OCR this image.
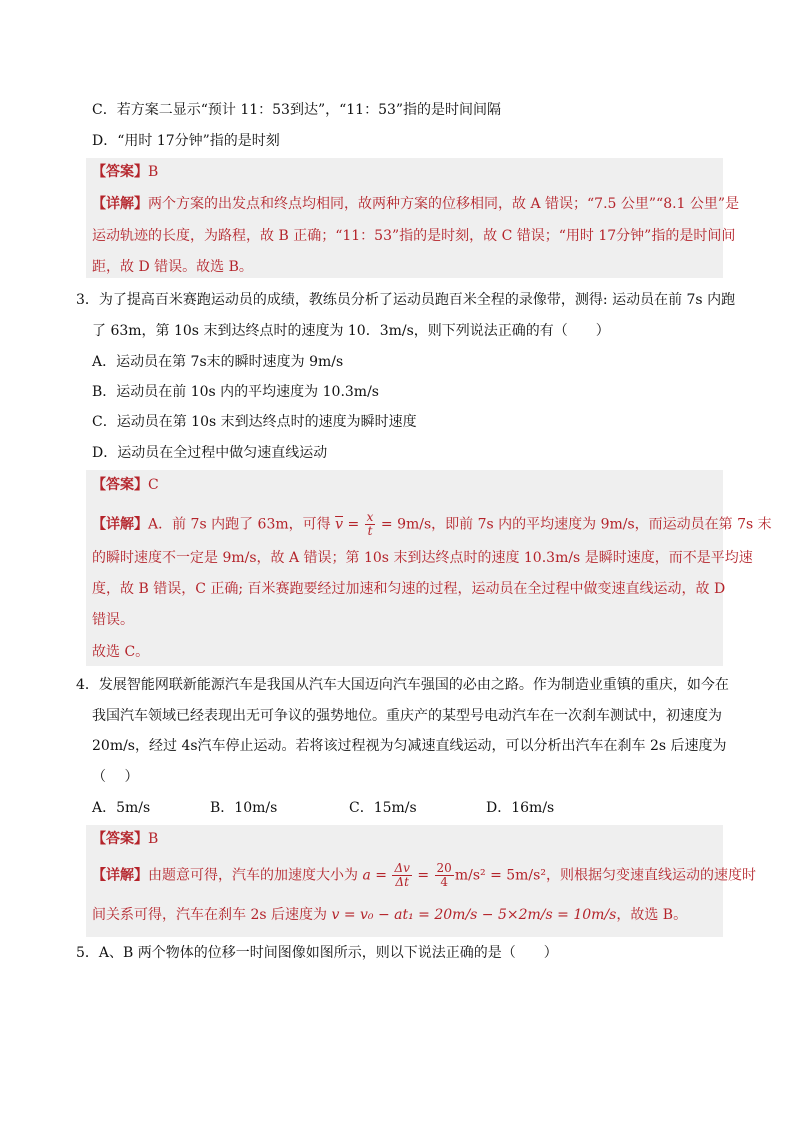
C．若方案二显示“预计 11：53到达”，“11：53”指的是时间间隔
D．“用时 17分钟”指的是时刻
【答案】B
【详解】两个方案的出发点和终点均相同，故两种方案的位移相同，故 A 错误；“7.5 公里”“8.1 公里”是
运动轨迹的长度，为路程，故 B 正确；“11：53”指的是时刻，故 C 错误；“用时 17分钟”指的是时间间
距，故 D 错误。故选 B。
3．为了提高百米赛跑运动员的成绩，教练员分析了运动员跑百米全程的录像带，测得: 运动员在前 7s 内跑
了 63m，第 10s 末到达终点时的速度为 10．3m/s，则下列说法正确的有（　　）
A．运动员在第 7s末的瞬时速度为 9m/s
B．运动员在前 10s 内的平均速度为 10.3m/s
C．运动员在第 10s 末到达终点时的速度为瞬时速度
D．运动员在全过程中做匀速直线运动
【答案】C
【详解】A．前 7s 内跑了 63m，可得 $\overline{v} = \frac{x}{t} = 9m/s$，即前 7s 内的平均速度为 9m/s，而运动员在第 7s 末
的瞬时速度不一定是 9m/s，故 A 错误；第 10s 末到达终点时的速度 10.3m/s 是瞬时速度，而不是平均速
度，故 B 错误，C 正确; 百米赛跑要经过加速和匀速的过程，运动员在全过程中做变速直线运动，故 D
错误。
故选 C。
4．发展智能网联新能源汽车是我国从汽车大国迈向汽车强国的必由之路。作为制造业重镇的重庆，如今在
我国汽车领域已经表现出无可争议的强势地位。重庆产的某型号电动汽车在一次刹车测试中，初速度为
20m/s，经过 4s汽车停止运动。若将该过程视为匀减速直线运动，可以分析出汽车在刹车 2s 后速度为
（　 ）
A．5m/s	B．10m/s	C．15m/s	D．16m/s
【答案】B
【详解】由题意可得，汽车的加速度大小为 $a = \frac{\Delta v}{\Delta t} = \frac{20}{4} m/s^2 = 5m/s^2$，则根据匀变速直线运动的速度时
间关系可得，汽车在刹车 2s 后速度为 v = v₀ − at₁ = 20m/s − 5×2m/s = 10m/s，故选 B。
5．A、B 两个物体的位移一时间图像如图所示，则以下说法正确的是（　　）
